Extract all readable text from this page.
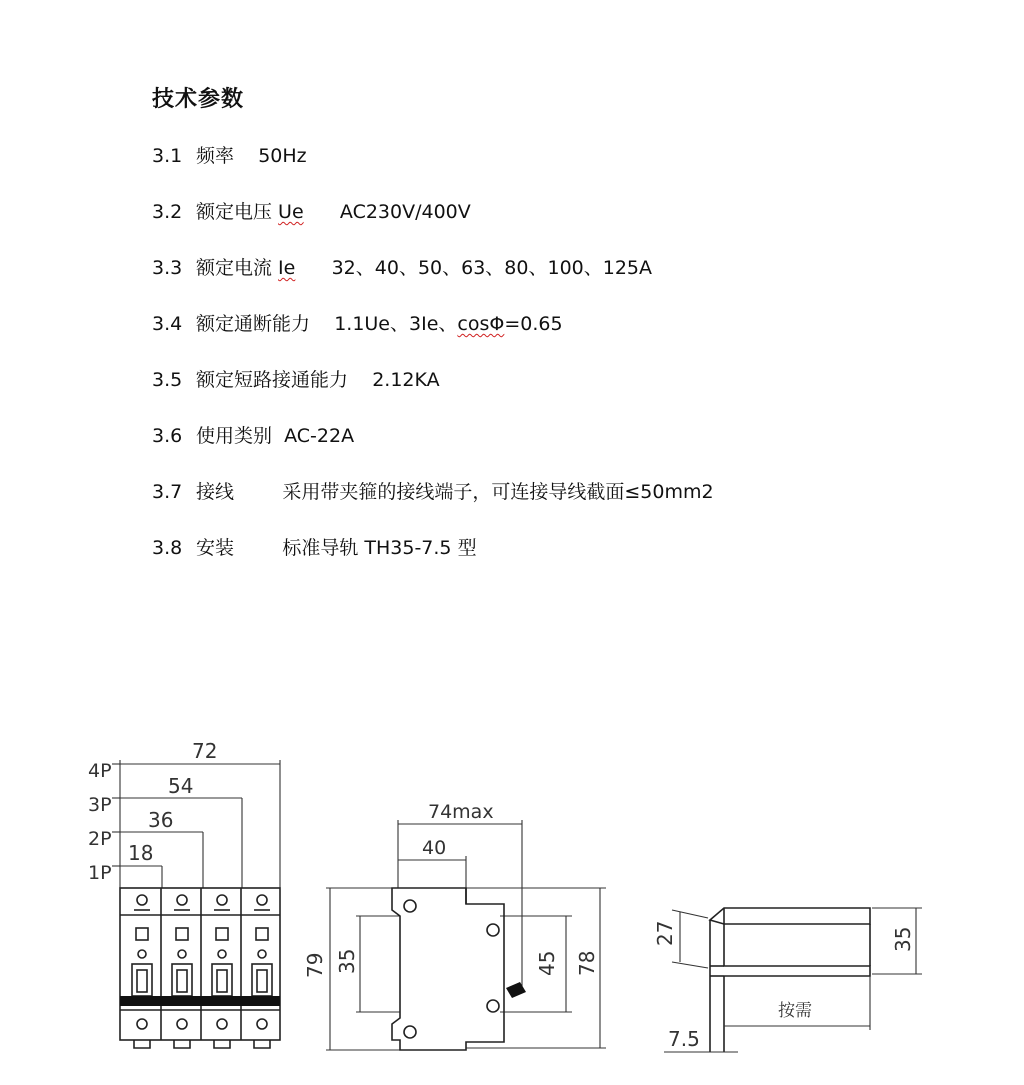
技术参数
3.1 频率 50Hz
3.2 额定电压 Ue AC230V/400V
3.3 额定电流 Ie 32、40、50、63、80、100、125A
3.4 额定通断能力 1.1Ue、3Ie、cosΦ=0.65
3.5 额定短路接通能力 2.12KA
3.6 使用类别 AC-22A
3.7 接线	采用带夹箍的接线端子，可连接导线截面≤50mm2
3.8 安装	标准导轨 TH35-7.5 型
4P
3P
2P
1P
72
54
36
18
74max
40
79 35	45 78
27	35
按需
7.5
